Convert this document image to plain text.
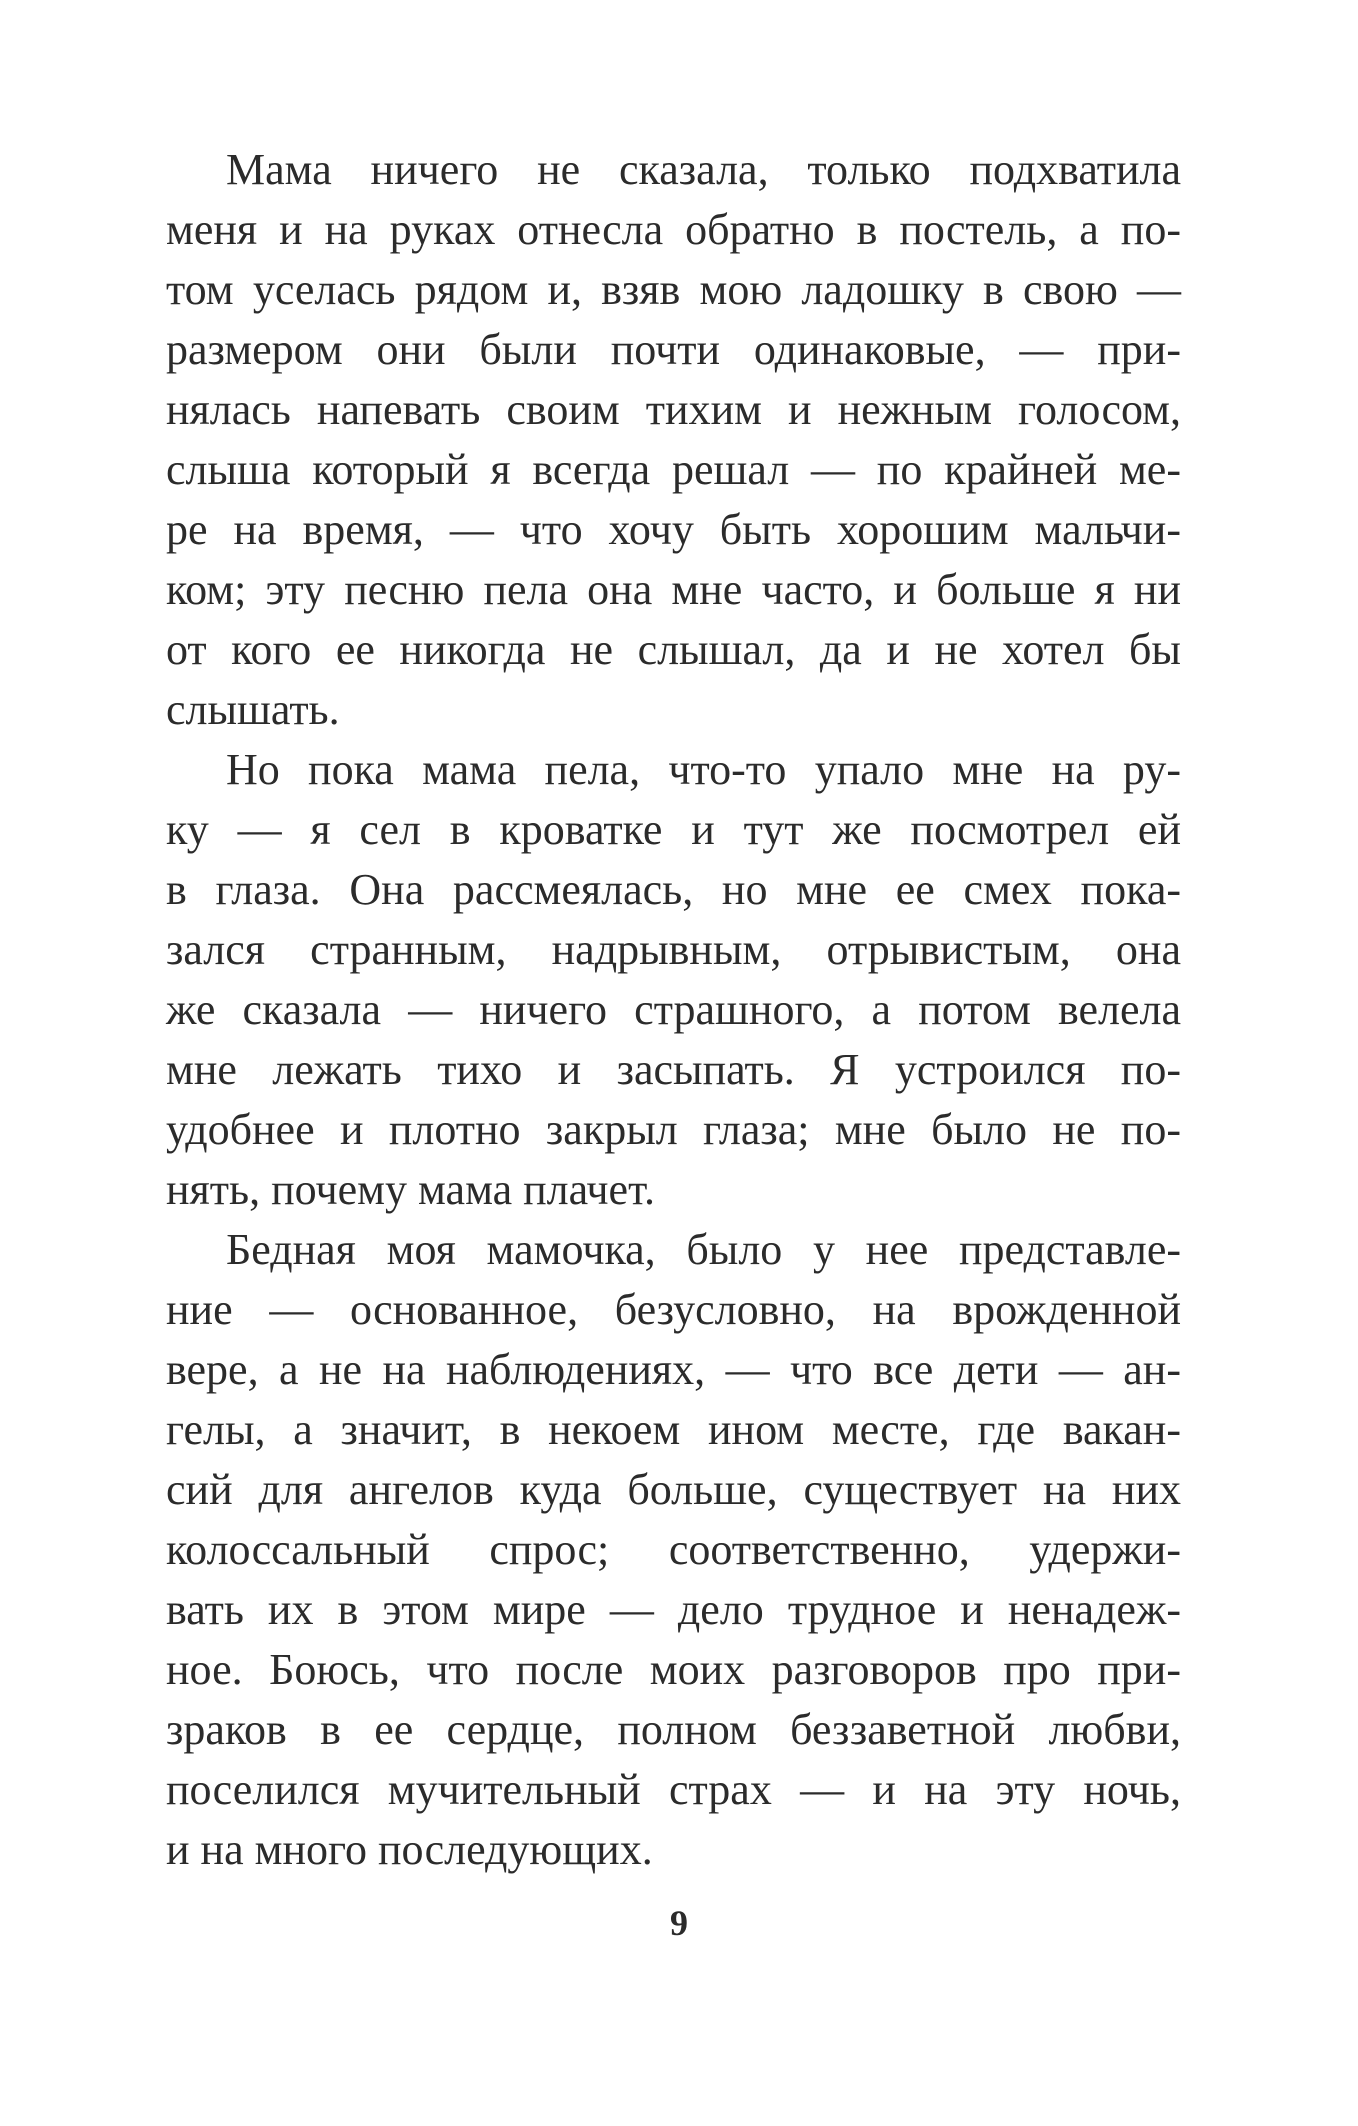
Мама ничего не сказала, только подхватила
меня и на руках отнесла обратно в постель, а по-
том уселась рядом и, взяв мою ладошку в свою —
размером они были почти одинаковые, — при-
нялась напевать своим тихим и нежным голосом,
слыша который я всегда решал — по крайней ме-
ре на время, — что хочу быть хорошим мальчи-
ком; эту песню пела она мне часто, и больше я ни
от кого ее никогда не слышал, да и не хотел бы
слышать.
Но пока мама пела, что-то упало мне на ру-
ку — я сел в кроватке и тут же посмотрел ей
в глаза. Она рассмеялась, но мне ее смех пока-
зался странным, надрывным, отрывистым, она
же сказала — ничего страшного, а потом велела
мне лежать тихо и засыпать. Я устроился по-
удобнее и плотно закрыл глаза; мне было не по-
нять, почему мама плачет.
Бедная моя мамочка, было у нее представле-
ние — основанное, безусловно, на врожденной
вере, а не на наблюдениях, — что все дети — ан-
гелы, а значит, в некоем ином месте, где вакан-
сий для ангелов куда больше, существует на них
колоссальный спрос; соответственно, удержи-
вать их в этом мире — дело трудное и ненадеж-
ное. Боюсь, что после моих разговоров про при-
зраков в ее сердце, полном беззаветной любви,
поселился мучительный страх — и на эту ночь,
и на много последующих.
9
